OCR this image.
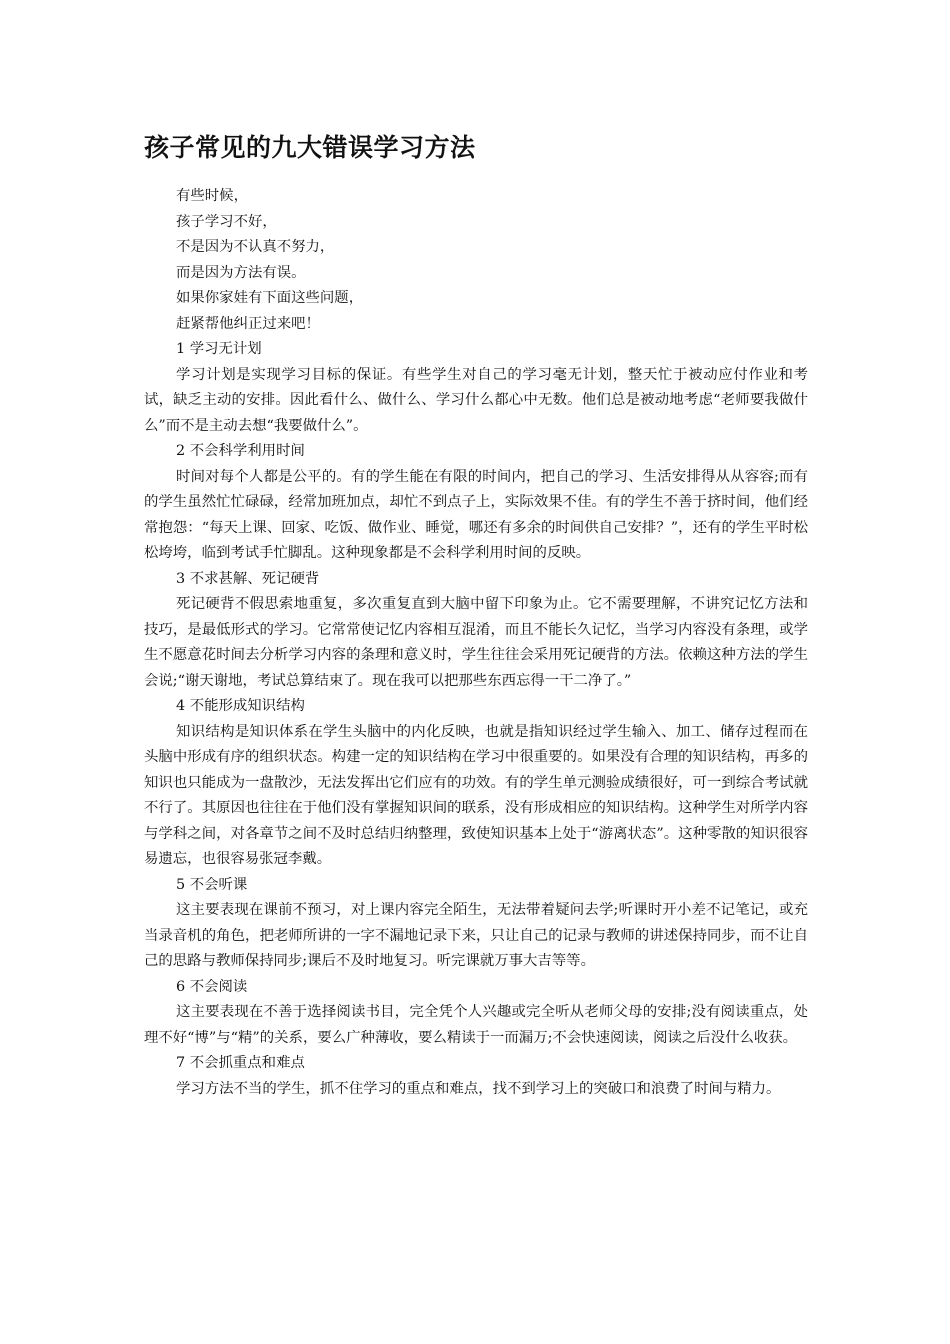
孩子常见的九大错误学习方法

有些时候，

孩子学习不好，

不是因为不认真不努力，

而是因为方法有误。

如果你家娃有下面这些问题，

赶紧帮他纠正过来吧！

1 学习无计划

学习计划是实现学习目标的保证。有些学生对自己的学习毫无计划，整天忙于被动应付作业和考试，缺乏主动的安排。因此看什么、做什么、学习什么都心中无数。他们总是被动地考虑“老师要我做什么”而不是主动去想“我要做什么”。

2 不会科学利用时间

时间对每个人都是公平的。有的学生能在有限的时间内，把自己的学习、生活安排得从从容容;而有的学生虽然忙忙碌碌，经常加班加点，却忙不到点子上，实际效果不佳。有的学生不善于挤时间，他们经常抱怨：“每天上课、回家、吃饭、做作业、睡觉，哪还有多余的时间供自己安排？”，还有的学生平时松松垮垮，临到考试手忙脚乱。这种现象都是不会科学利用时间的反映。

3 不求甚解、死记硬背

死记硬背不假思索地重复，多次重复直到大脑中留下印象为止。它不需要理解，不讲究记忆方法和技巧，是最低形式的学习。它常常使记忆内容相互混淆，而且不能长久记忆，当学习内容没有条理，或学生不愿意花时间去分析学习内容的条理和意义时，学生往往会采用死记硬背的方法。依赖这种方法的学生会说;“谢天谢地，考试总算结束了。现在我可以把那些东西忘得一干二净了。”

4 不能形成知识结构

知识结构是知识体系在学生头脑中的内化反映，也就是指知识经过学生输入、加工、储存过程而在头脑中形成有序的组织状态。构建一定的知识结构在学习中很重要的。如果没有合理的知识结构，再多的知识也只能成为一盘散沙，无法发挥出它们应有的功效。有的学生单元测验成绩很好，可一到综合考试就不行了。其原因也往往在于他们没有掌握知识间的联系，没有形成相应的知识结构。这种学生对所学内容与学科之间，对各章节之间不及时总结归纳整理，致使知识基本上处于“游离状态”。这种零散的知识很容易遗忘，也很容易张冠李戴。

5 不会听课

这主要表现在课前不预习，对上课内容完全陌生，无法带着疑问去学;听课时开小差不记笔记，或充当录音机的角色，把老师所讲的一字不漏地记录下来，只让自己的记录与教师的讲述保持同步，而不让自己的思路与教师保持同步;课后不及时地复习。听完课就万事大吉等等。

6 不会阅读

这主要表现在不善于选择阅读书目，完全凭个人兴趣或完全听从老师父母的安排;没有阅读重点，处理不好“博”与“精”的关系，要么广种薄收，要么精读于一而漏万;不会快速阅读，阅读之后没什么收获。

7 不会抓重点和难点

学习方法不当的学生，抓不住学习的重点和难点，找不到学习上的突破口和浪费了时间与精力。
